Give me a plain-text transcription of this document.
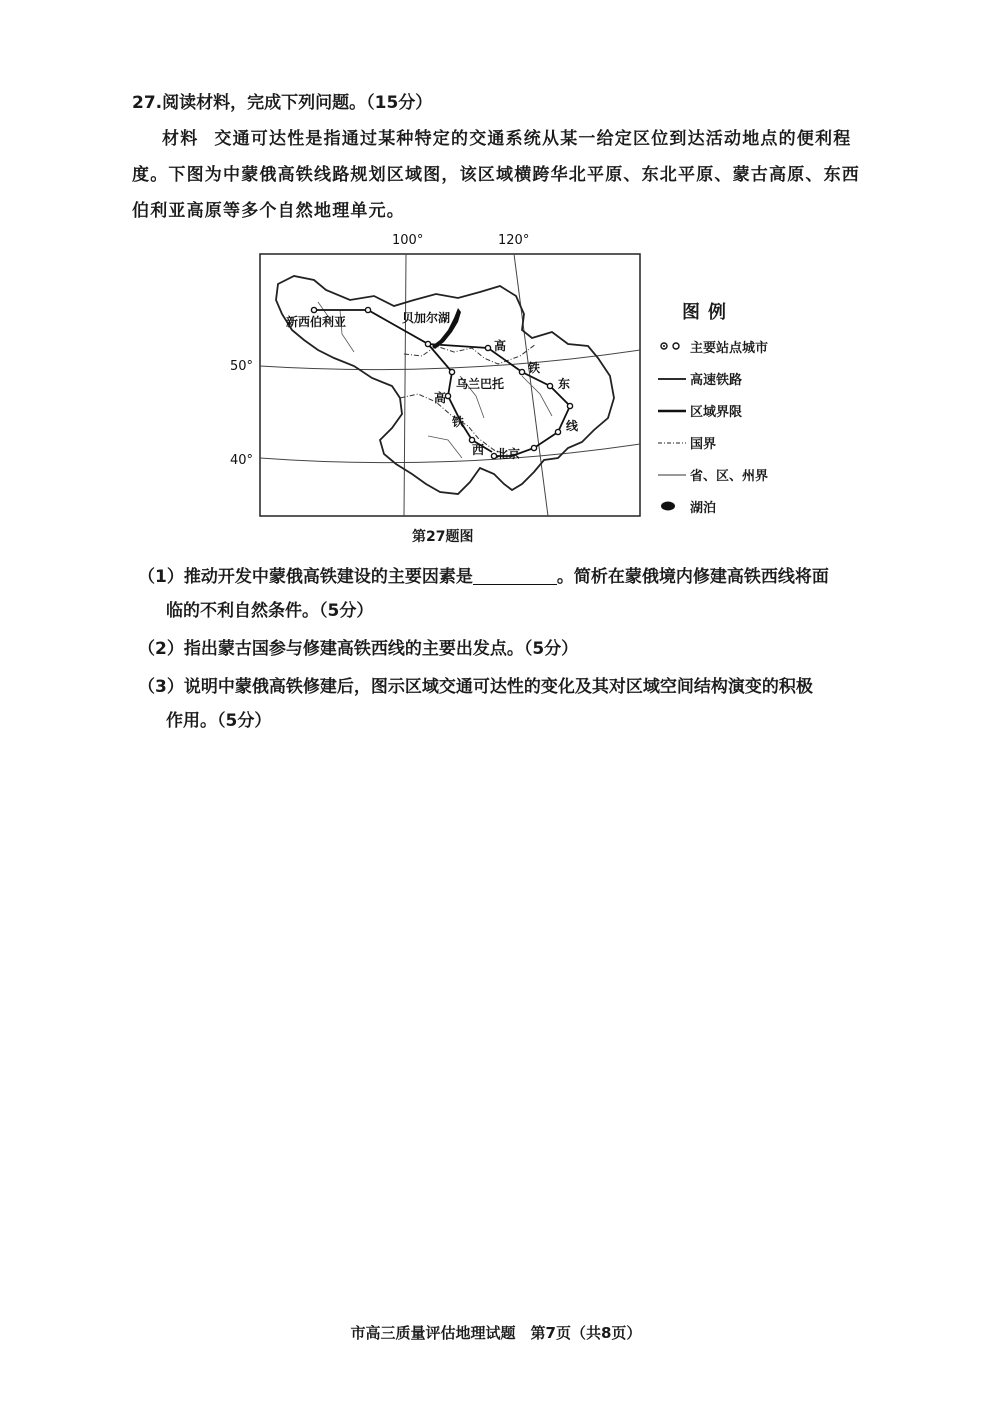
27.阅读材料，完成下列问题。（15分）
材料 交通可达性是指通过某种特定的交通系统从某一给定区位到达活动地点的便利程
度。下图为中蒙俄高铁线路规划区域图，该区域横跨华北平原、东北平原、蒙古高原、东西
伯利亚高原等多个自然地理单元。
100°	120°
50°
40°
新西伯利亚	贝加尔湖
乌兰巴托
北京
高
铁
西
高
铁
东
线
图例
主要站点城市
高速铁路
区域界限
国界
省、区、州界
湖泊
第27题图
（1）推动开发中蒙俄高铁建设的主要因素是	。简析在蒙俄境内修建高铁西线将面
临的不利自然条件。（5分）
（2）指出蒙古国参与修建高铁西线的主要出发点。（5分）
（3）说明中蒙俄高铁修建后，图示区域交通可达性的变化及其对区域空间结构演变的积极
作用。（5分）
市高三质量评估地理试题　第7页（共8页）
